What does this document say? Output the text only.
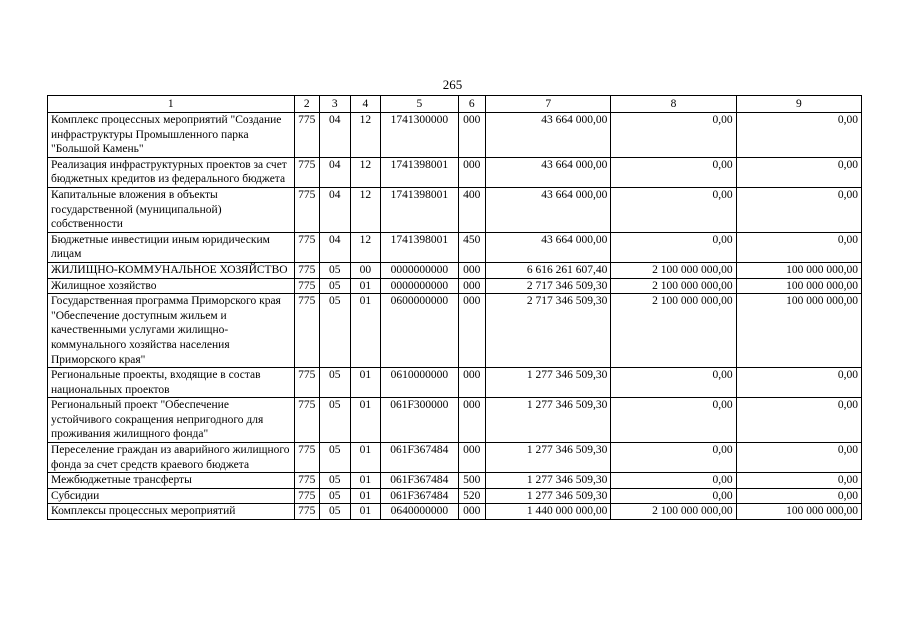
265
1	2	3	4	5	6	7	8	9
Комплекс процессных мероприятий "Создание инфраструктуры Промышленного парка "Большой Камень"	775	04	12	1741300000	000	43 664 000,00	0,00	0,00
Реализация инфраструктурных проектов за счет бюджетных кредитов из федерального бюджета	775	04	12	1741398001	000	43 664 000,00	0,00	0,00
Капитальные вложения в объекты государственной (муниципальной) собственности	775	04	12	1741398001	400	43 664 000,00	0,00	0,00
Бюджетные инвестиции иным юридическим лицам	775	04	12	1741398001	450	43 664 000,00	0,00	0,00
ЖИЛИЩНО-КОММУНАЛЬНОЕ ХОЗЯЙСТВО	775	05	00	0000000000	000	6 616 261 607,40	2 100 000 000,00	100 000 000,00
Жилищное хозяйство	775	05	01	0000000000	000	2 717 346 509,30	2 100 000 000,00	100 000 000,00
Государственная программа Приморского края "Обеспечение доступным жильем и качественными услугами жилищно-коммунального хозяйства населения Приморского края"	775	05	01	0600000000	000	2 717 346 509,30	2 100 000 000,00	100 000 000,00
Региональные проекты, входящие в состав национальных проектов	775	05	01	0610000000	000	1 277 346 509,30	0,00	0,00
Региональный проект "Обеспечение устойчивого сокращения непригодного для проживания жилищного фонда"	775	05	01	061F300000	000	1 277 346 509,30	0,00	0,00
Переселение граждан из аварийного жилищного фонда за счет средств краевого бюджета	775	05	01	061F367484	000	1 277 346 509,30	0,00	0,00
Межбюджетные трансферты	775	05	01	061F367484	500	1 277 346 509,30	0,00	0,00
Субсидии	775	05	01	061F367484	520	1 277 346 509,30	0,00	0,00
Комплексы процессных мероприятий	775	05	01	0640000000	000	1 440 000 000,00	2 100 000 000,00	100 000 000,00
